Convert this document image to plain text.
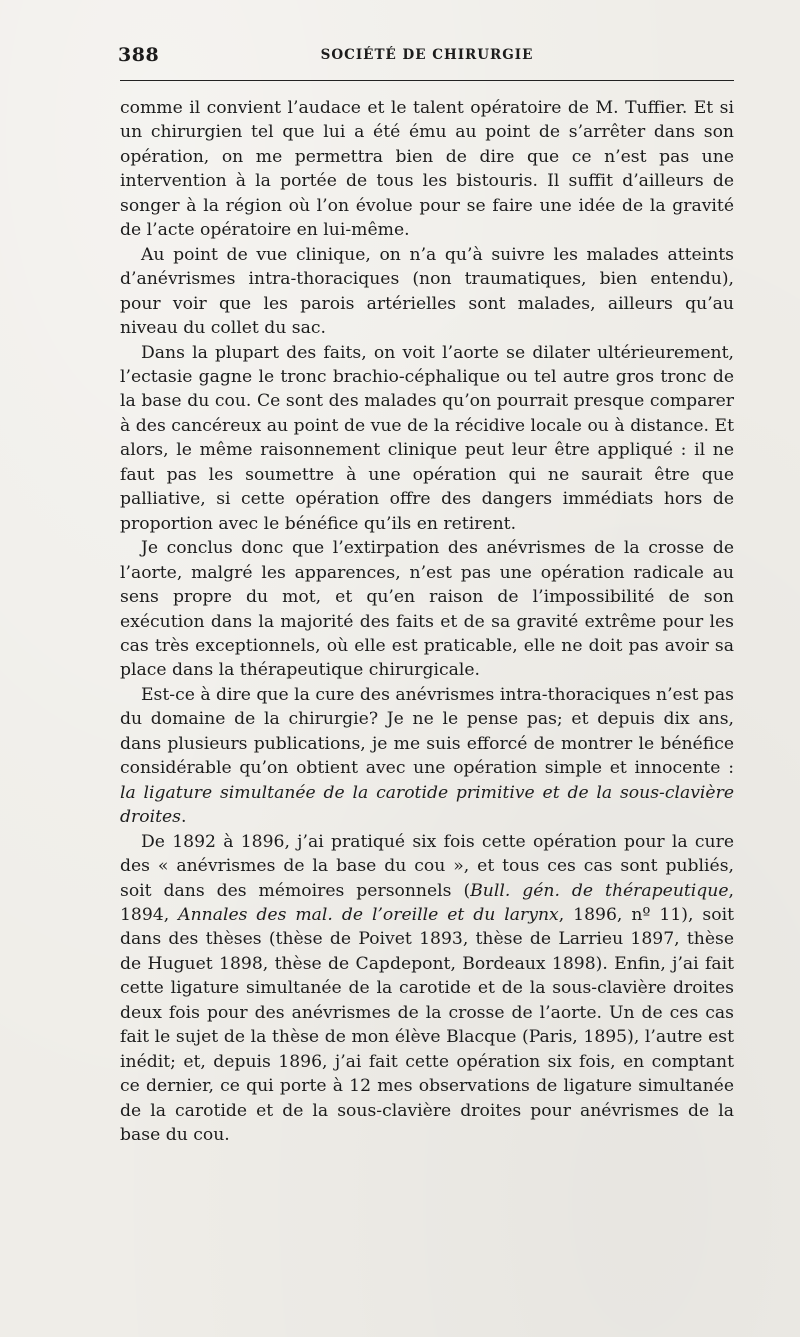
388	SOCIÉTÉ DE CHIRURGIE

comme il convient l’audace et le talent opératoire de M. Tuffier. Et si un chirurgien tel que lui a été ému au point de s’arrêter dans son opération, on me permettra bien de dire que ce n’est pas une intervention à la portée de tous les bistouris. Il suffit d’ailleurs de songer à la région où l’on évolue pour se faire une idée de la gravité de l’acte opératoire en lui-même.

Au point de vue clinique, on n’a qu’à suivre les malades atteints d’anévrismes intra-thoraciques (non traumatiques, bien entendu), pour voir que les parois artérielles sont malades, ailleurs qu’au niveau du collet du sac.

Dans la plupart des faits, on voit l’aorte se dilater ultérieurement, l’ectasie gagne le tronc brachio-céphalique ou tel autre gros tronc de la base du cou. Ce sont des malades qu’on pourrait presque comparer à des cancéreux au point de vue de la récidive locale ou à distance. Et alors, le même raisonnement clinique peut leur être appliqué : il ne faut pas les soumettre à une opération qui ne saurait être que palliative, si cette opération offre des dangers immédiats hors de proportion avec le bénéfice qu’ils en retirent.

Je conclus donc que l’extirpation des anévrismes de la crosse de l’aorte, malgré les apparences, n’est pas une opération radicale au sens propre du mot, et qu’en raison de l’impossibilité de son exécution dans la majorité des faits et de sa gravité extrême pour les cas très exceptionnels, où elle est praticable, elle ne doit pas avoir sa place dans la thérapeutique chirurgicale.

Est-ce à dire que la cure des anévrismes intra-thoraciques n’est pas du domaine de la chirurgie? Je ne le pense pas; et depuis dix ans, dans plusieurs publications, je me suis efforcé de montrer le bénéfice considérable qu’on obtient avec une opération simple et innocente : la ligature simultanée de la carotide primitive et de la sous-clavière droites.

De 1892 à 1896, j’ai pratiqué six fois cette opération pour la cure des « anévrismes de la base du cou », et tous ces cas sont publiés, soit dans des mémoires personnels (Bull. gén. de thérapeutique, 1894, Annales des mal. de l’oreille et du larynx, 1896, nº 11), soit dans des thèses (thèse de Poivet 1893, thèse de Larrieu 1897, thèse de Huguet 1898, thèse de Capdepont, Bordeaux 1898). Enfin, j’ai fait cette ligature simultanée de la carotide et de la sous-clavière droites deux fois pour des anévrismes de la crosse de l’aorte. Un de ces cas fait le sujet de la thèse de mon élève Blacque (Paris, 1895), l’autre est inédit; et, depuis 1896, j’ai fait cette opération six fois, en comptant ce dernier, ce qui porte à 12 mes observations de ligature simultanée de la carotide et de la sous-clavière droites pour anévrismes de la base du cou.
